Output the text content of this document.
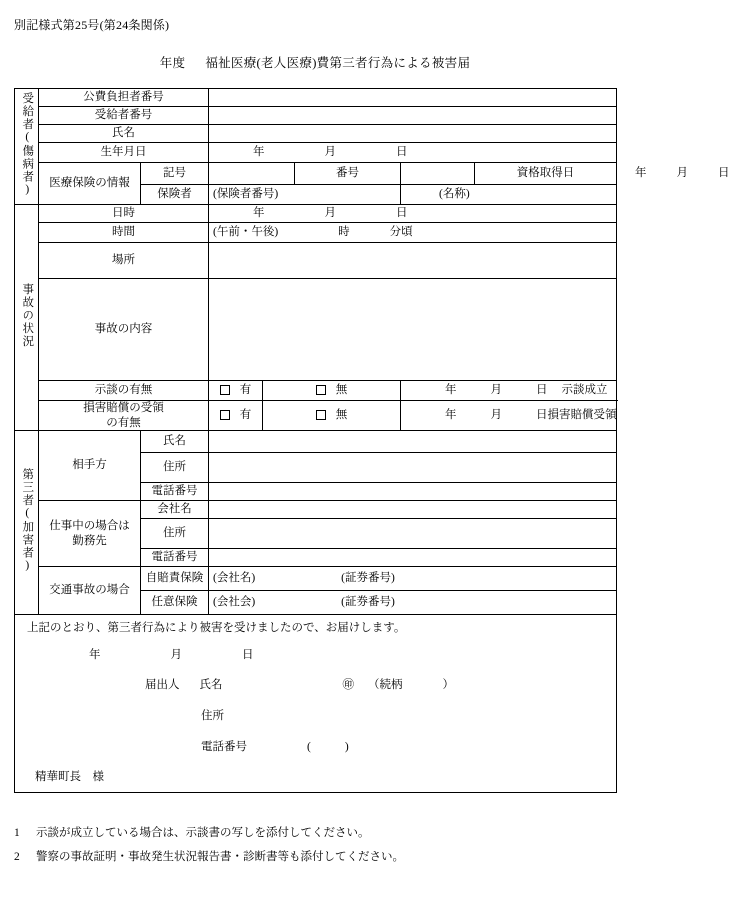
別記様式第25号(第24条関係)
年度 福祉医療(老人医療)費第三者行為による被害届
受給者(傷病者)	公費負担者番号							
	受給者番号							
	氏名							
	生年月日		年 月 日					
	医療保険の情報	記号			番号		資格取得日	年 月 日
		保険者	(保険者番号)			(名称)		
事故の状況	日時		年 月 日					
	時間		(午前・午後) 時 分頃					
	場所							
	事故の内容							
	示談の有無		有	無		年 月 日 示談成立		
	損害賠償の受領
の有無		有	無		年 月 日損害賠償受領		
第三者(加害者)	相手方	氏名						
		住所						
		電話番号						
	仕事中の場合は
勤務先	会社名						
		住所						
		電話番号						
	交通事故の場合	自賠責保険	(会社名) (証券番号)					
		任意保険	(会社会) (証券番号)					

上記のとおり、第三者行為により被害を受けましたので、お届けします。
年	月	日
届出人 氏名	㊞ （続柄	）
住所
電話番号	(	)
精華町長　様
1 示談が成立している場合は、示談書の写しを添付してください。
2 警察の事故証明・事故発生状況報告書・診断書等も添付してください。
